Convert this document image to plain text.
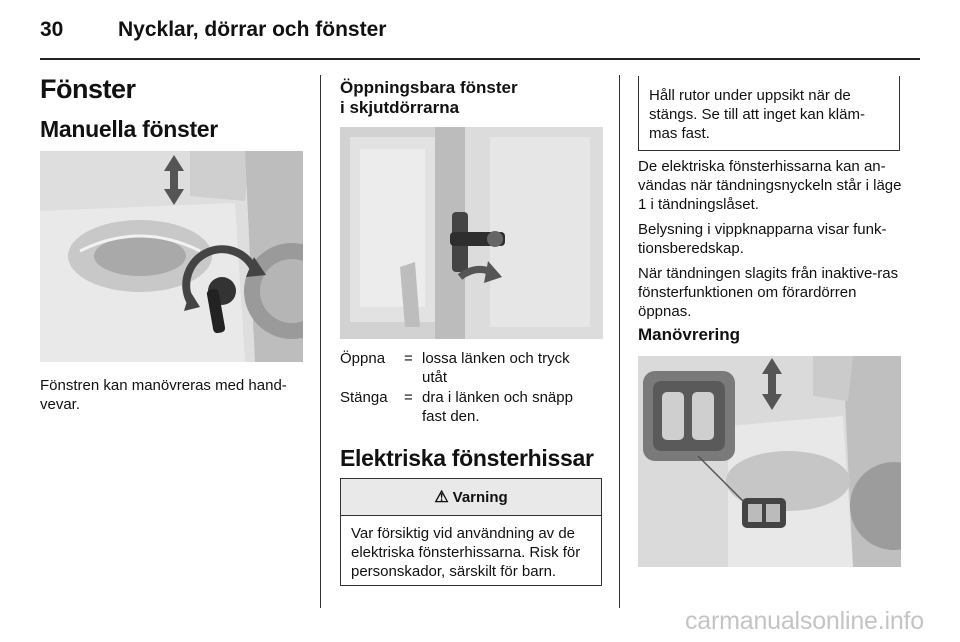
30	Nycklar, dörrar och fönster
Fönster
Manuella fönster
Fönstren kan manövreras med hand-vevar.
Öppningsbara fönster
i skjutdörrarna
Öppna	= lossa länken och tryck utåt
Stänga	= dra i länken och snäpp fast den.
Elektriska fönsterhissar
⚠ Varning
Var försiktig vid användning av de elektriska fönsterhissarna. Risk för personskador, särskilt för barn.
Håll rutor under uppsikt när de stängs. Se till att inget kan kläm-mas fast.
De elektriska fönsterhissarna kan an-vändas när tändningsnyckeln står i läge 1 i tändningslåset.
Belysning i vippknapparna visar funk-tionsberedskap.
När tändningen slagits från inaktive-ras fönsterfunktionen om förardörren öppnas.
Manövrering
carmanualsonline.info
